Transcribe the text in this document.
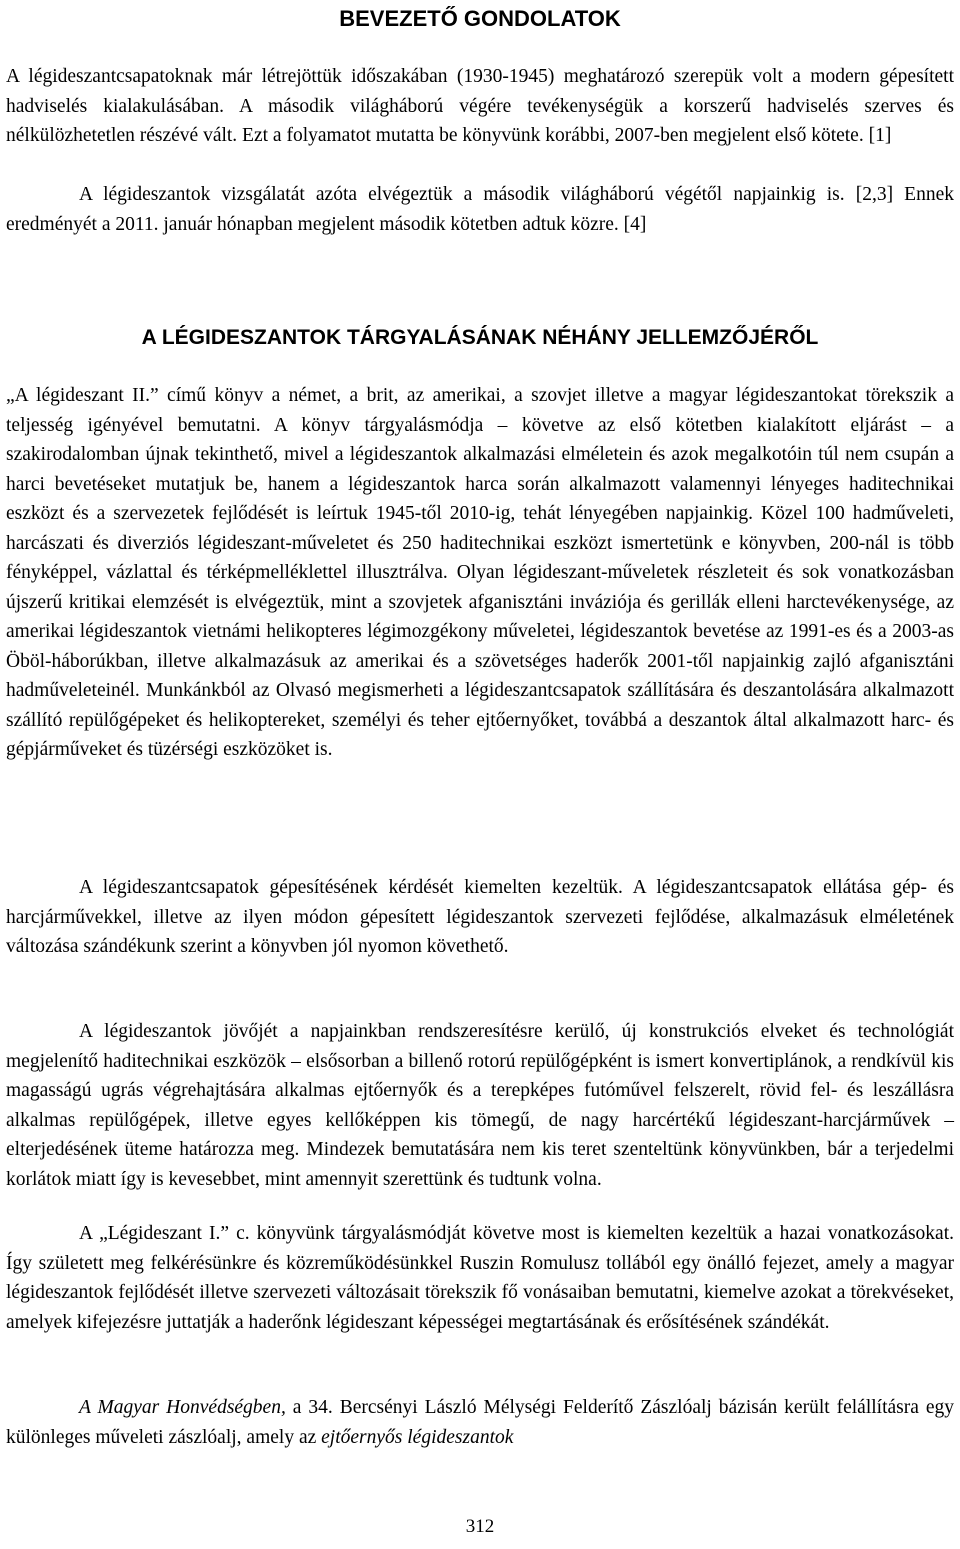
BEVEZETŐ GONDOLATOK

A légideszantcsapatoknak már létrejöttük időszakában (1930-1945) meghatározó szerepük volt a modern gépesített hadviselés kialakulásában. A második világháború végére tevékenységük a korszerű hadviselés szerves és nélkülözhetetlen részévé vált. Ezt a folyamatot mutatta be könyvünk korábbi, 2007-ben megjelent első kötete. [1]

A légideszantok vizsgálatát azóta elvégeztük a második világháború végétől napjainkig is. [2,3] Ennek eredményét a 2011. január hónapban megjelent második kötetben adtuk közre. [4]

A LÉGIDESZANTOK TÁRGYALÁSÁNAK NÉHÁNY JELLEMZŐJÉRŐL

„A légideszant II.” című könyv a német, a brit, az amerikai, a szovjet illetve a magyar légideszantokat törekszik a teljesség igényével bemutatni. A könyv tárgyalásmódja – követve az első kötetben kialakított eljárást – a szakirodalomban újnak tekinthető, mivel a légideszantok alkalmazási elméletein és azok megalkotóin túl nem csupán a harci bevetéseket mutatjuk be, hanem a légideszantok harca során alkalmazott valamennyi lényeges haditechnikai eszközt és a szervezetek fejlődését is leírtuk 1945-től 2010-ig, tehát lényegében napjainkig. Közel 100 hadműveleti, harcászati és diverziós légideszant-műveletet és 250 haditechnikai eszközt ismertetünk e könyvben, 200-nál is több fényképpel, vázlattal és térképmelléklettel illusztrálva. Olyan légideszant-műveletek részleteit és sok vonatkozásban újszerű kritikai elemzését is elvégeztük, mint a szovjetek afganisztáni inváziója és gerillák elleni harctevékenysége, az amerikai légideszantok vietnámi helikopteres légimozgékony műveletei, légideszantok bevetése az 1991-es és a 2003-as Öböl-háborúkban, illetve alkalmazásuk az amerikai és a szövetséges haderők 2001-től napjainkig zajló afganisztáni hadműveleteinél. Munkánkból az Olvasó megismerheti a légideszantcsapatok szállítására és deszantolására alkalmazott szállító repülőgépeket és helikoptereket, személyi és teher ejtőernyőket, továbbá a deszantok által alkalmazott harc- és gépjárműveket és tüzérségi eszközöket is.

A légideszantcsapatok gépesítésének kérdését kiemelten kezeltük. A légideszantcsapatok ellátása gép- és harcjárművekkel, illetve az ilyen módon gépesített légideszantok szervezeti fejlődése, alkalmazásuk elméletének változása szándékunk szerint a könyvben jól nyomon követhető.

A légideszantok jövőjét a napjainkban rendszeresítésre kerülő, új konstrukciós elveket és technológiát megjelenítő haditechnikai eszközök – elsősorban a billenő rotorú repülőgépként is ismert konvertiplánok, a rendkívül kis magasságú ugrás végrehajtására alkalmas ejtőernyők és a terepképes futóművel felszerelt, rövid fel- és leszállásra alkalmas repülőgépek, illetve egyes kellőképpen kis tömegű, de nagy harcértékű légideszant-harcjárművek – elterjedésének üteme határozza meg. Mindezek bemutatására nem kis teret szenteltünk könyvünkben, bár a terjedelmi korlátok miatt így is kevesebbet, mint amennyit szerettünk és tudtunk volna.

A „Légideszant I.” c. könyvünk tárgyalásmódját követve most is kiemelten kezeltük a hazai vonatkozásokat. Így született meg felkérésünkre és közreműködésünkkel Ruszin Romulusz tollából egy önálló fejezet, amely a magyar légideszantok fejlődését illetve szervezeti változásait törekszik fő vonásaiban bemutatni, kiemelve azokat a törekvéseket, amelyek kifejezésre juttatják a haderőnk légideszant képességei megtartásának és erősítésének szándékát.

A Magyar Honvédségben, a 34. Bercsényi László Mélységi Felderítő Zászlóalj bázisán került felállításra egy különleges műveleti zászlóalj, amely az ejtőernyős légideszantok

312
